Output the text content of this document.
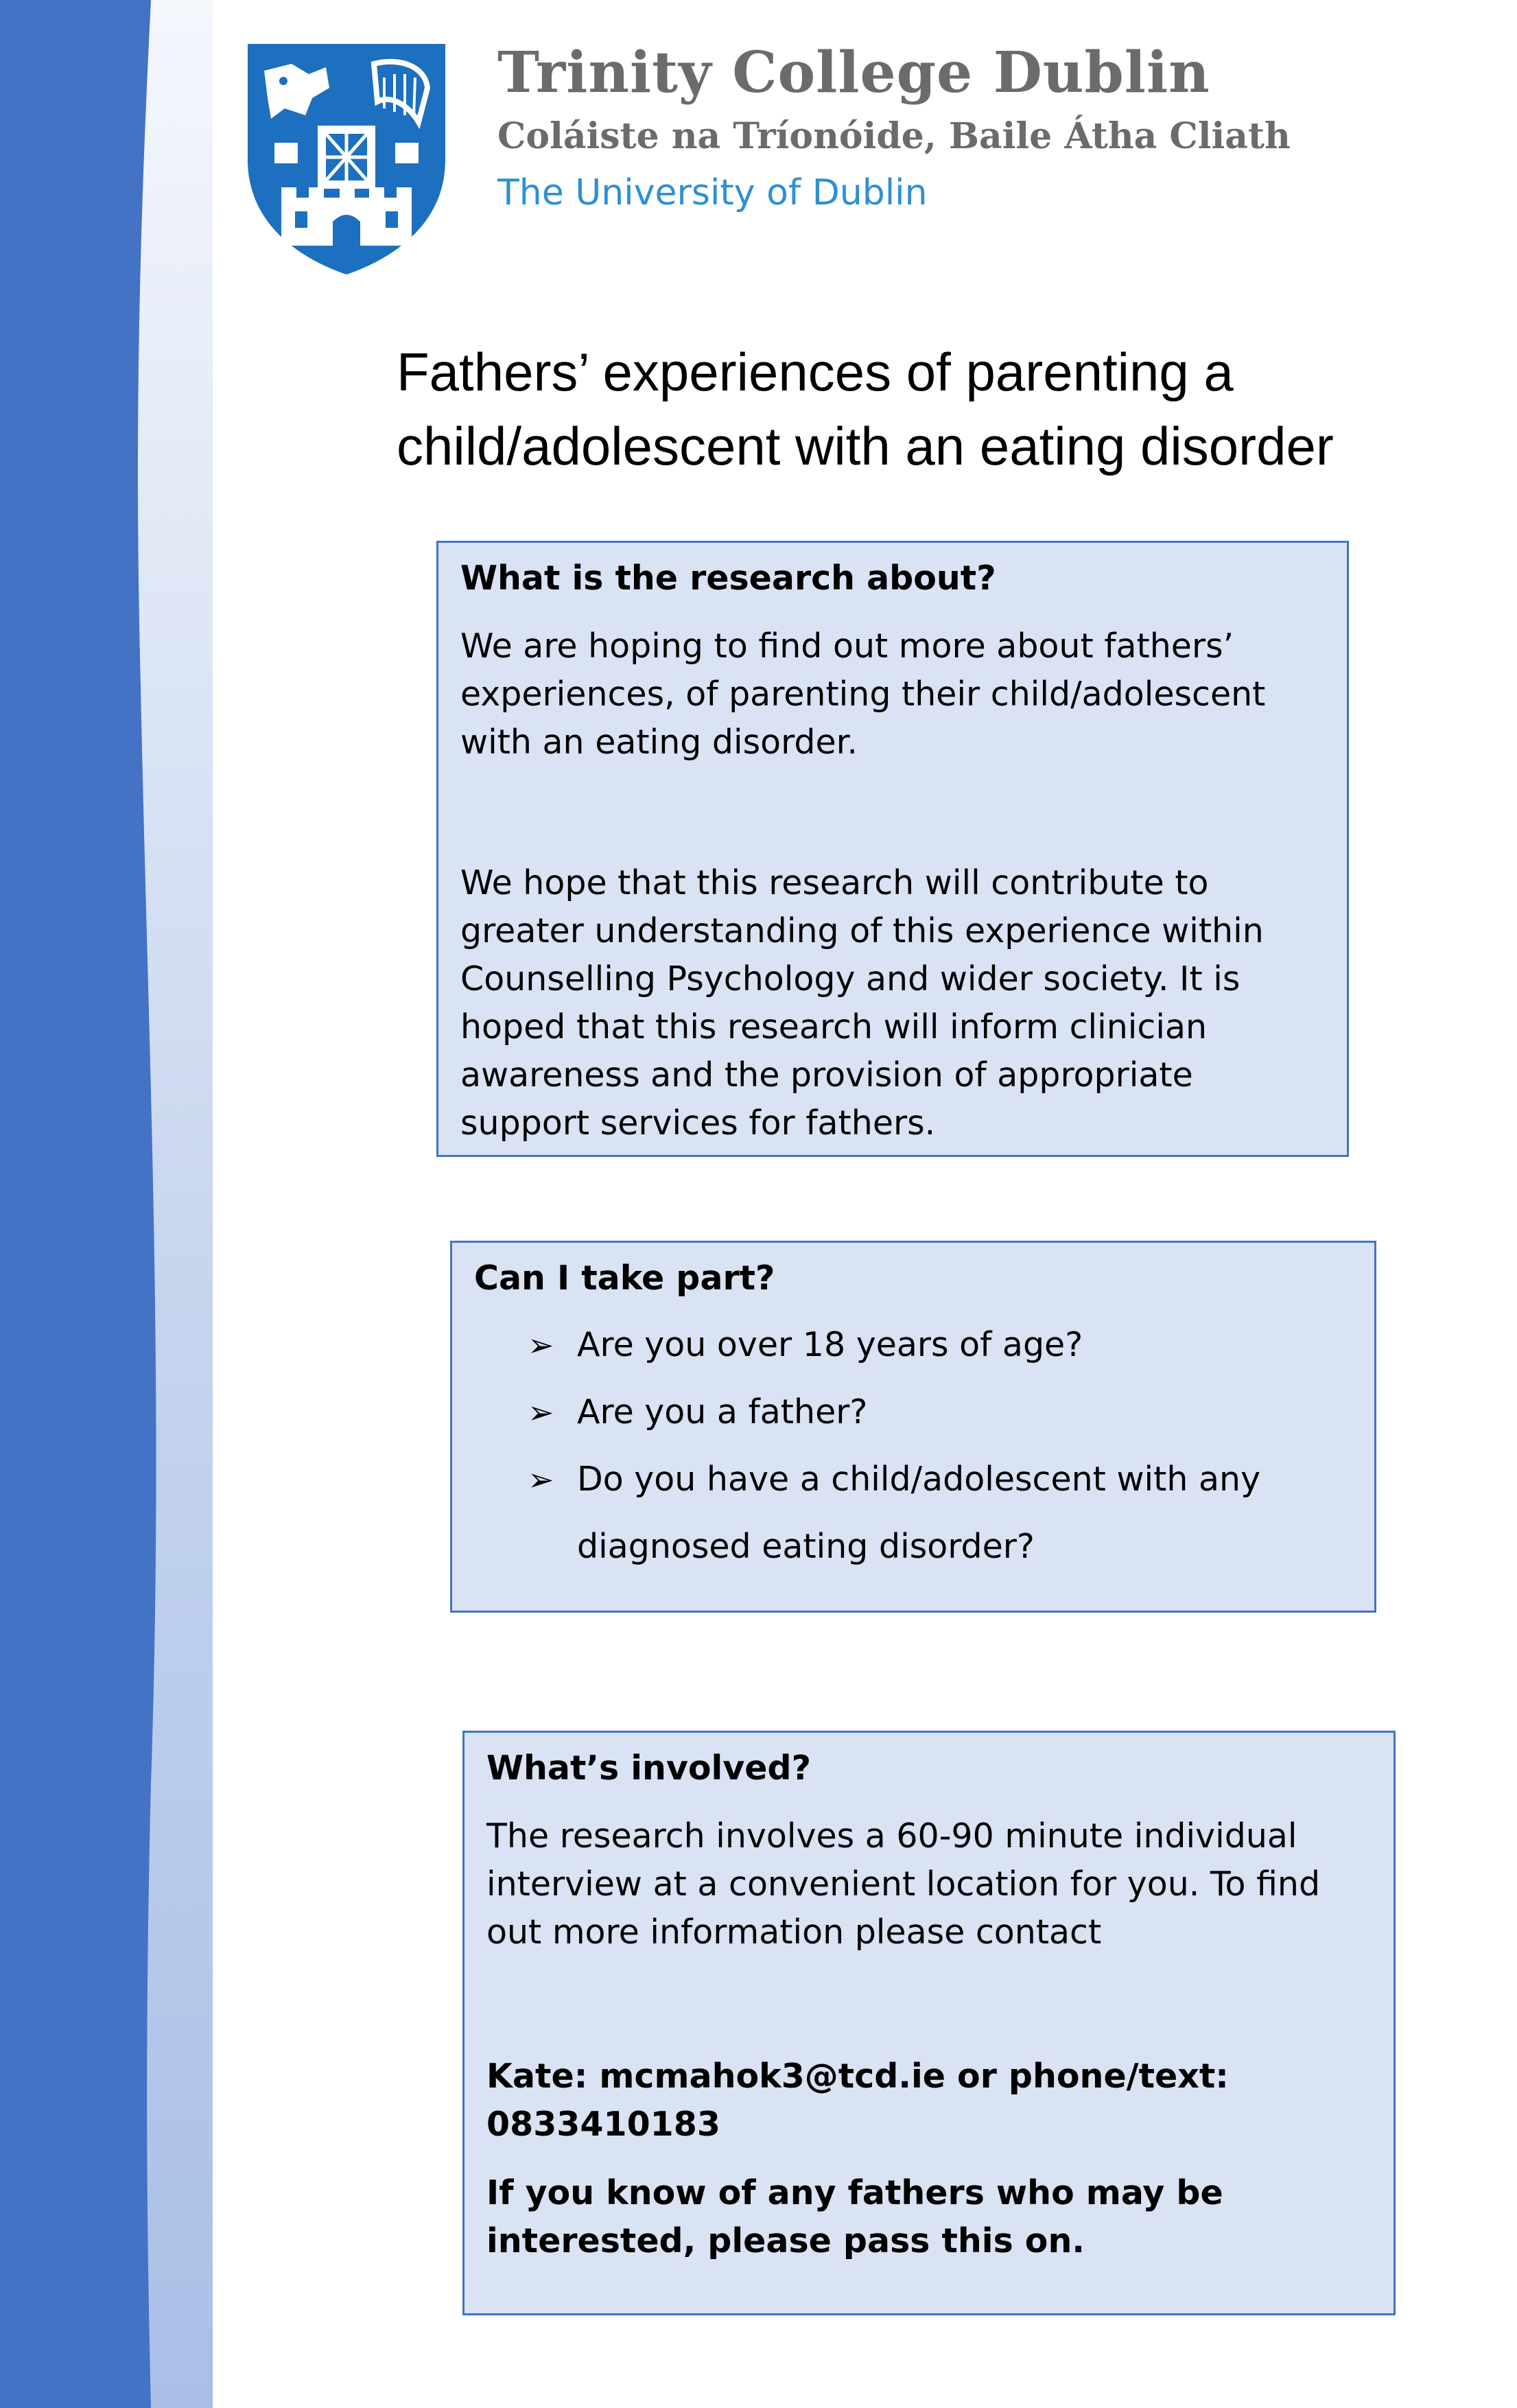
Trinity College Dublin
Coláiste na Tríonóide, Baile Átha Cliath
The University of Dublin
Fathers’ experiences of parenting a
child/adolescent with an eating disorder
What is the research about?

We are hoping to find out more about fathers’ experiences, of parenting their child/adolescent with an eating disorder.

We hope that this research will contribute to greater understanding of this experience within Counselling Psychology and wider society. It is hoped that this research will inform clinician awareness and the provision of appropriate support services for fathers.

Can I take part?
➢ Are you over 18 years of age?
➢ Are you a father?
➢ Do you have a child/adolescent with any diagnosed eating disorder?
What’s involved?

The research involves a 60-90 minute individual interview at a convenient location for you. To find out more information please contact

Kate: mcmahok3@tcd.ie or phone/text: 0833410183

If you know of any fathers who may be interested, please pass this on.
